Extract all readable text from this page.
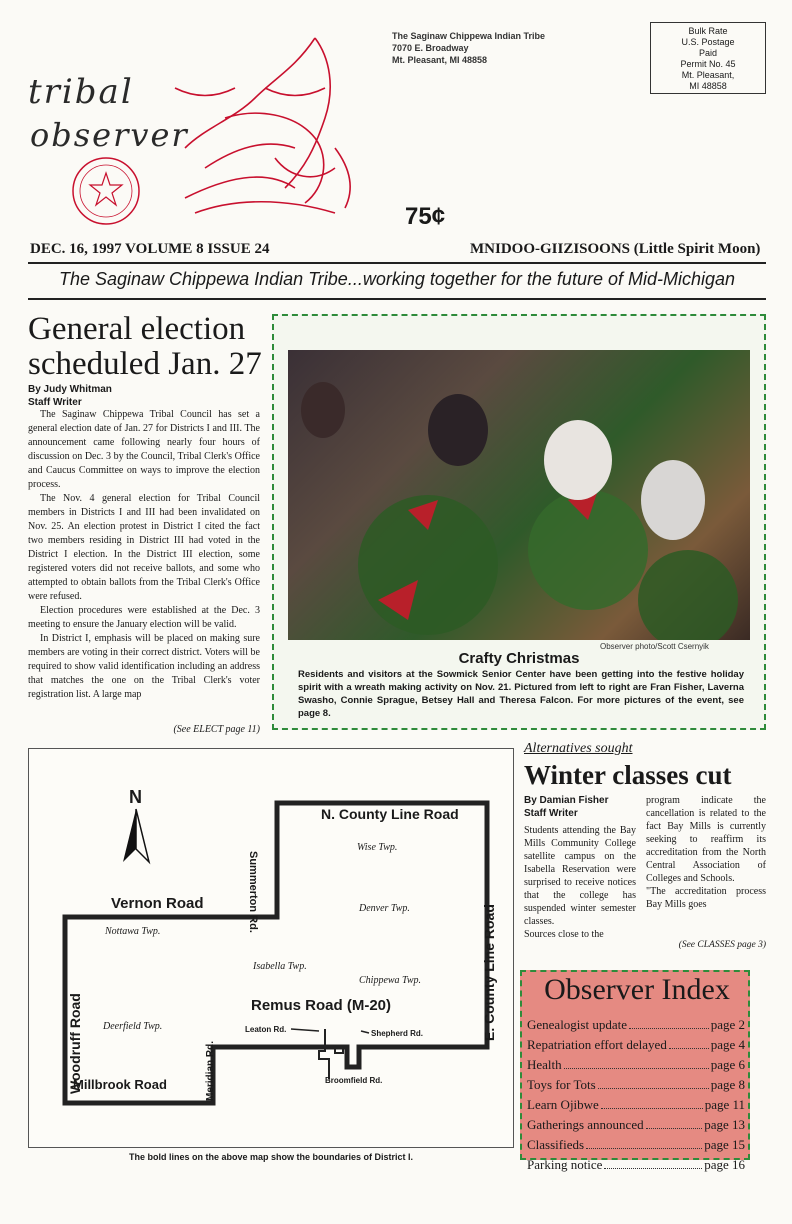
tribal
observer
The Saginaw Chippewa Indian Tribe
7070 E. Broadway
Mt. Pleasant, MI 48858
Bulk Rate
U.S. Postage
Paid
Permit No. 45
Mt. Pleasant,
MI 48858
75¢
DEC. 16, 1997 VOLUME 8 ISSUE 24	MNIDOO-GIIZISOONS (Little Spirit Moon)
The Saginaw Chippewa Indian Tribe...working together for the future of Mid-Michigan
General election scheduled Jan. 27
By Judy Whitman
Staff Writer

The Saginaw Chippewa Tribal Council has set a general election date of Jan. 27 for Districts I and III. The announcement came following nearly four hours of discussion on Dec. 3 by the Council, Tribal Clerk's Office and Caucus Committee on ways to improve the election process.

The Nov. 4 general election for Tribal Council members in Districts I and III had been invalidated on Nov. 25. An election protest in District I cited the fact two members residing in District III had voted in the District I election. In the District III election, some registered voters did not receive ballots, and some who attempted to obtain ballots from the Tribal Clerk's Office were refused.

Election procedures were established at the Dec. 3 meeting to ensure the January election will be valid.

In District I, emphasis will be placed on making sure members are voting in their correct district. Voters will be required to show valid identification including an address that matches the one on the Tribal Clerk's voter registration list. A large map

(See ELECT page 11)
Observer photo/Scott Csernyik
Crafty Christmas
Residents and visitors at the Sowmick Senior Center have been getting into the festive holiday spirit with a wreath making activity on Nov. 21. Pictured from left to right are Fran Fisher, Laverna Swasho, Connie Sprague, Betsey Hall and Theresa Falcon. For more pictures of the event, see page 8.
N
N. County Line Road
Summerton Rd.
Vernon Road
Woodruff Road
E. County Line Road
Remus Road (M-20)
Meridian Rd.
Millbrook Road
Leaton Rd.	Shepherd Rd.
Broomfield Rd.
Wise Twp.
Denver Twp.
Nottawa Twp.
Isabella Twp.
Chippewa Twp.
Deerfield Twp.
The bold lines on the above map show the boundaries of District I.
Alternatives sought
Winter classes cut
By Damian Fisher
Staff Writer

Students attending the Bay Mills Community College satellite campus on the Isabella Reservation were surprised to receive notices that the college has suspended winter semester classes.

Sources close to the

program indicate the cancellation is related to the fact Bay Mills is currently seeking to reaffirm its accreditation from the North Central Association of Colleges and Schools.

"The accreditation process Bay Mills goes

(See CLASSES page 3)
Observer Index
Genealogist update	page 2
Repatriation effort delayed	page 4
Health	page 6
Toys for Tots	page 8
Learn Ojibwe	page 11
Gatherings announced	page 13
Classifieds	page 15
Parking notice	page 16
